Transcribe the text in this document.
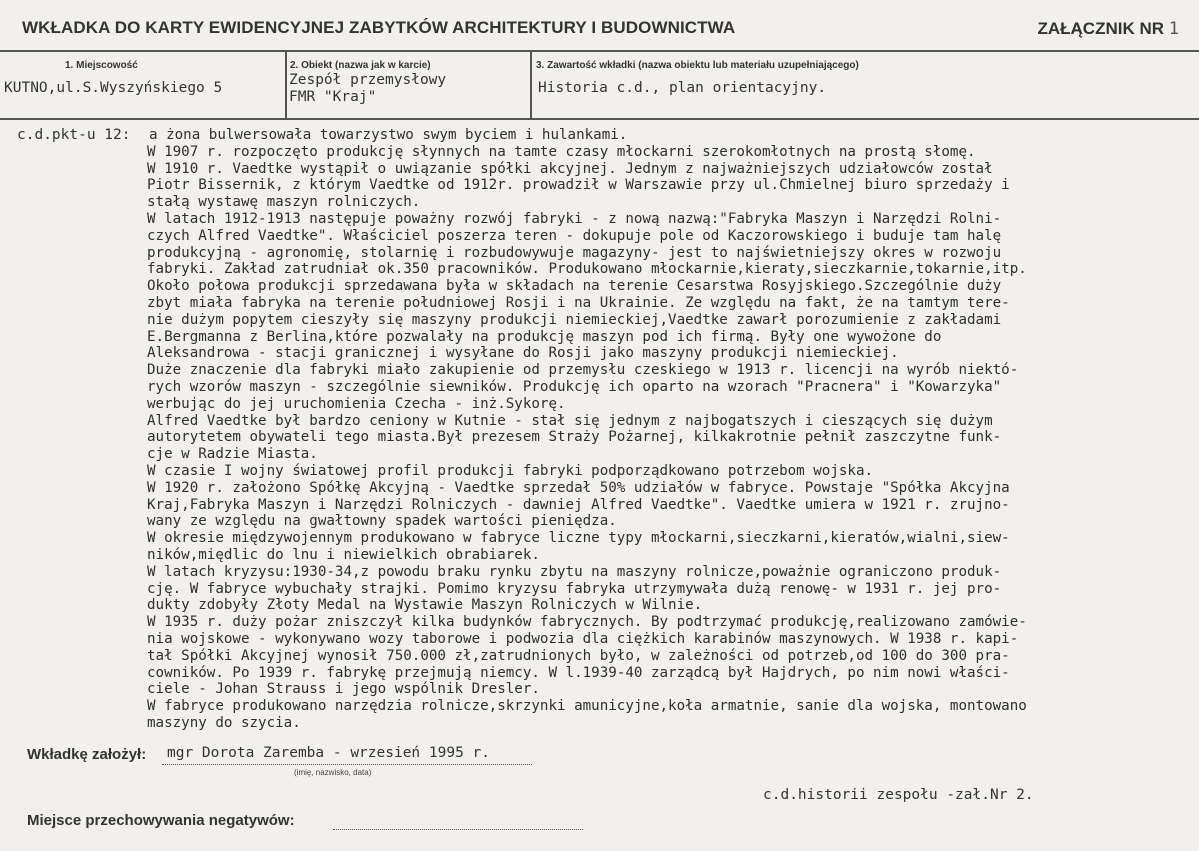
WKŁADKA DO KARTY EWIDENCYJNEJ ZABYTKÓW ARCHITEKTURY I BUDOWNICTWA	ZAŁĄCZNIK NR 1
1. Miejscowość
KUTNO,ul.S.Wyszyńskiego 5
2. Obiekt (nazwa jak w karcie)
Zespół przemysłowy
FMR "Kraj"
3. Zawartość wkładki (nazwa obiektu lub materiału uzupełniającego)
Historia c.d., plan orientacyjny.
c.d.pkt-u 12: a żona bulwersowała towarzystwo swym byciem i hulankami.
W 1907 r. rozpoczęto produkcję słynnych na tamte czasy młockarni szerokomłotnych na prostą słomę.
W 1910 r. Vaedtke wystąpił o uwiązanie spółki akcyjnej. Jednym z najważniejszych udziałowców został
Piotr Bissernik, z którym Vaedtke od 1912r. prowadził w Warszawie przy ul.Chmielnej biuro sprzedaży i
stałą wystawę maszyn rolniczych.
W latach 1912-1913 następuje poważny rozwój fabryki - z nową nazwą:"Fabryka Maszyn i Narzędzi Rolni-
czych Alfred Vaedtke". Właściciel poszerza teren - dokupuje pole od Kaczorowskiego i buduje tam halę
produkcyjną - agronomię, stolarnię i rozbudowywuje magazyny- jest to najświetniejszy okres w rozwoju
fabryki. Zakład zatrudniał ok.350 pracowników. Produkowano młockarnie,kieraty,sieczkarnie,tokarnie,itp.
Około połowa produkcji sprzedawana była w składach na terenie Cesarstwa Rosyjskiego.Szczególnie duży
zbyt miała fabryka na terenie południowej Rosji i na Ukrainie. Ze względu na fakt, że na tamtym tere-
nie dużym popytem cieszyły się maszyny produkcji niemieckiej,Vaedtke zawarł porozumienie z zakładami
E.Bergmanna z Berlina,które pozwalały na produkcję maszyn pod ich firmą. Były one wywożone do
Aleksandrowa - stacji granicznej i wysyłane do Rosji jako maszyny produkcji niemieckiej.
Duże znaczenie dla fabryki miało zakupienie od przemysłu czeskiego w 1913 r. licencji na wyrób niektó-
rych wzorów maszyn - szczególnie siewników. Produkcję ich oparto na wzorach "Pracnera" i "Kowarzyka"
werbując do jej uruchomienia Czecha - inż.Sykorę.
Alfred Vaedtke był bardzo ceniony w Kutnie - stał się jednym z najbogatszych i cieszących się dużym
autorytetem obywateli tego miasta.Był prezesem Straży Pożarnej, kilkakrotnie pełnił zaszczytne funk-
cje w Radzie Miasta.
W czasie I wojny światowej profil produkcji fabryki podporządkowano potrzebom wojska.
W 1920 r. założono Spółkę Akcyjną - Vaedtke sprzedał 50% udziałów w fabryce. Powstaje "Spółka Akcyjna
Kraj,Fabryka Maszyn i Narzędzi Rolniczych - dawniej Alfred Vaedtke". Vaedtke umiera w 1921 r. zrujno-
wany ze względu na gwałtowny spadek wartości pieniędza.
W okresie międzywojennym produkowano w fabryce liczne typy młockarni,sieczkarni,kieratów,wialni,siew-
ników,międlic do lnu i niewielkich obrabiarek.
W latach kryzysu:1930-34,z powodu braku rynku zbytu na maszyny rolnicze,poważnie ograniczono produk-
cję. W fabryce wybuchały strajki. Pomimo kryzysu fabryka utrzymywała dużą renowę- w 1931 r. jej pro-
dukty zdobyły Złoty Medal na Wystawie Maszyn Rolniczych w Wilnie.
W 1935 r. duży pożar zniszczył kilka budynków fabrycznych. By podtrzymać produkcję,realizowano zamówie-
nia wojskowe - wykonywano wozy taborowe i podwozia dla ciężkich karabinów maszynowych. W 1938 r. kapi-
tał Spółki Akcyjnej wynosił 750.000 zł,zatrudnionych było, w zależności od potrzeb,od 100 do 300 pra-
cowników. Po 1939 r. fabrykę przejmują niemcy. W l.1939-40 zarządcą był Hajdrych, po nim nowi właści-
ciele - Johan Strauss i jego wspólnik Dresler.
W fabryce produkowano narzędzia rolnicze,skrzynki amunicyjne,koła armatnie, sanie dla wojska, montowano
maszyny do szycia.
Wkładkę założył: mgr Dorota Zaremba - wrzesień 1995 r.
(imię, nazwisko, data)
c.d.historii zespołu -zał.Nr 2.
Miejsce przechowywania negatywów:
